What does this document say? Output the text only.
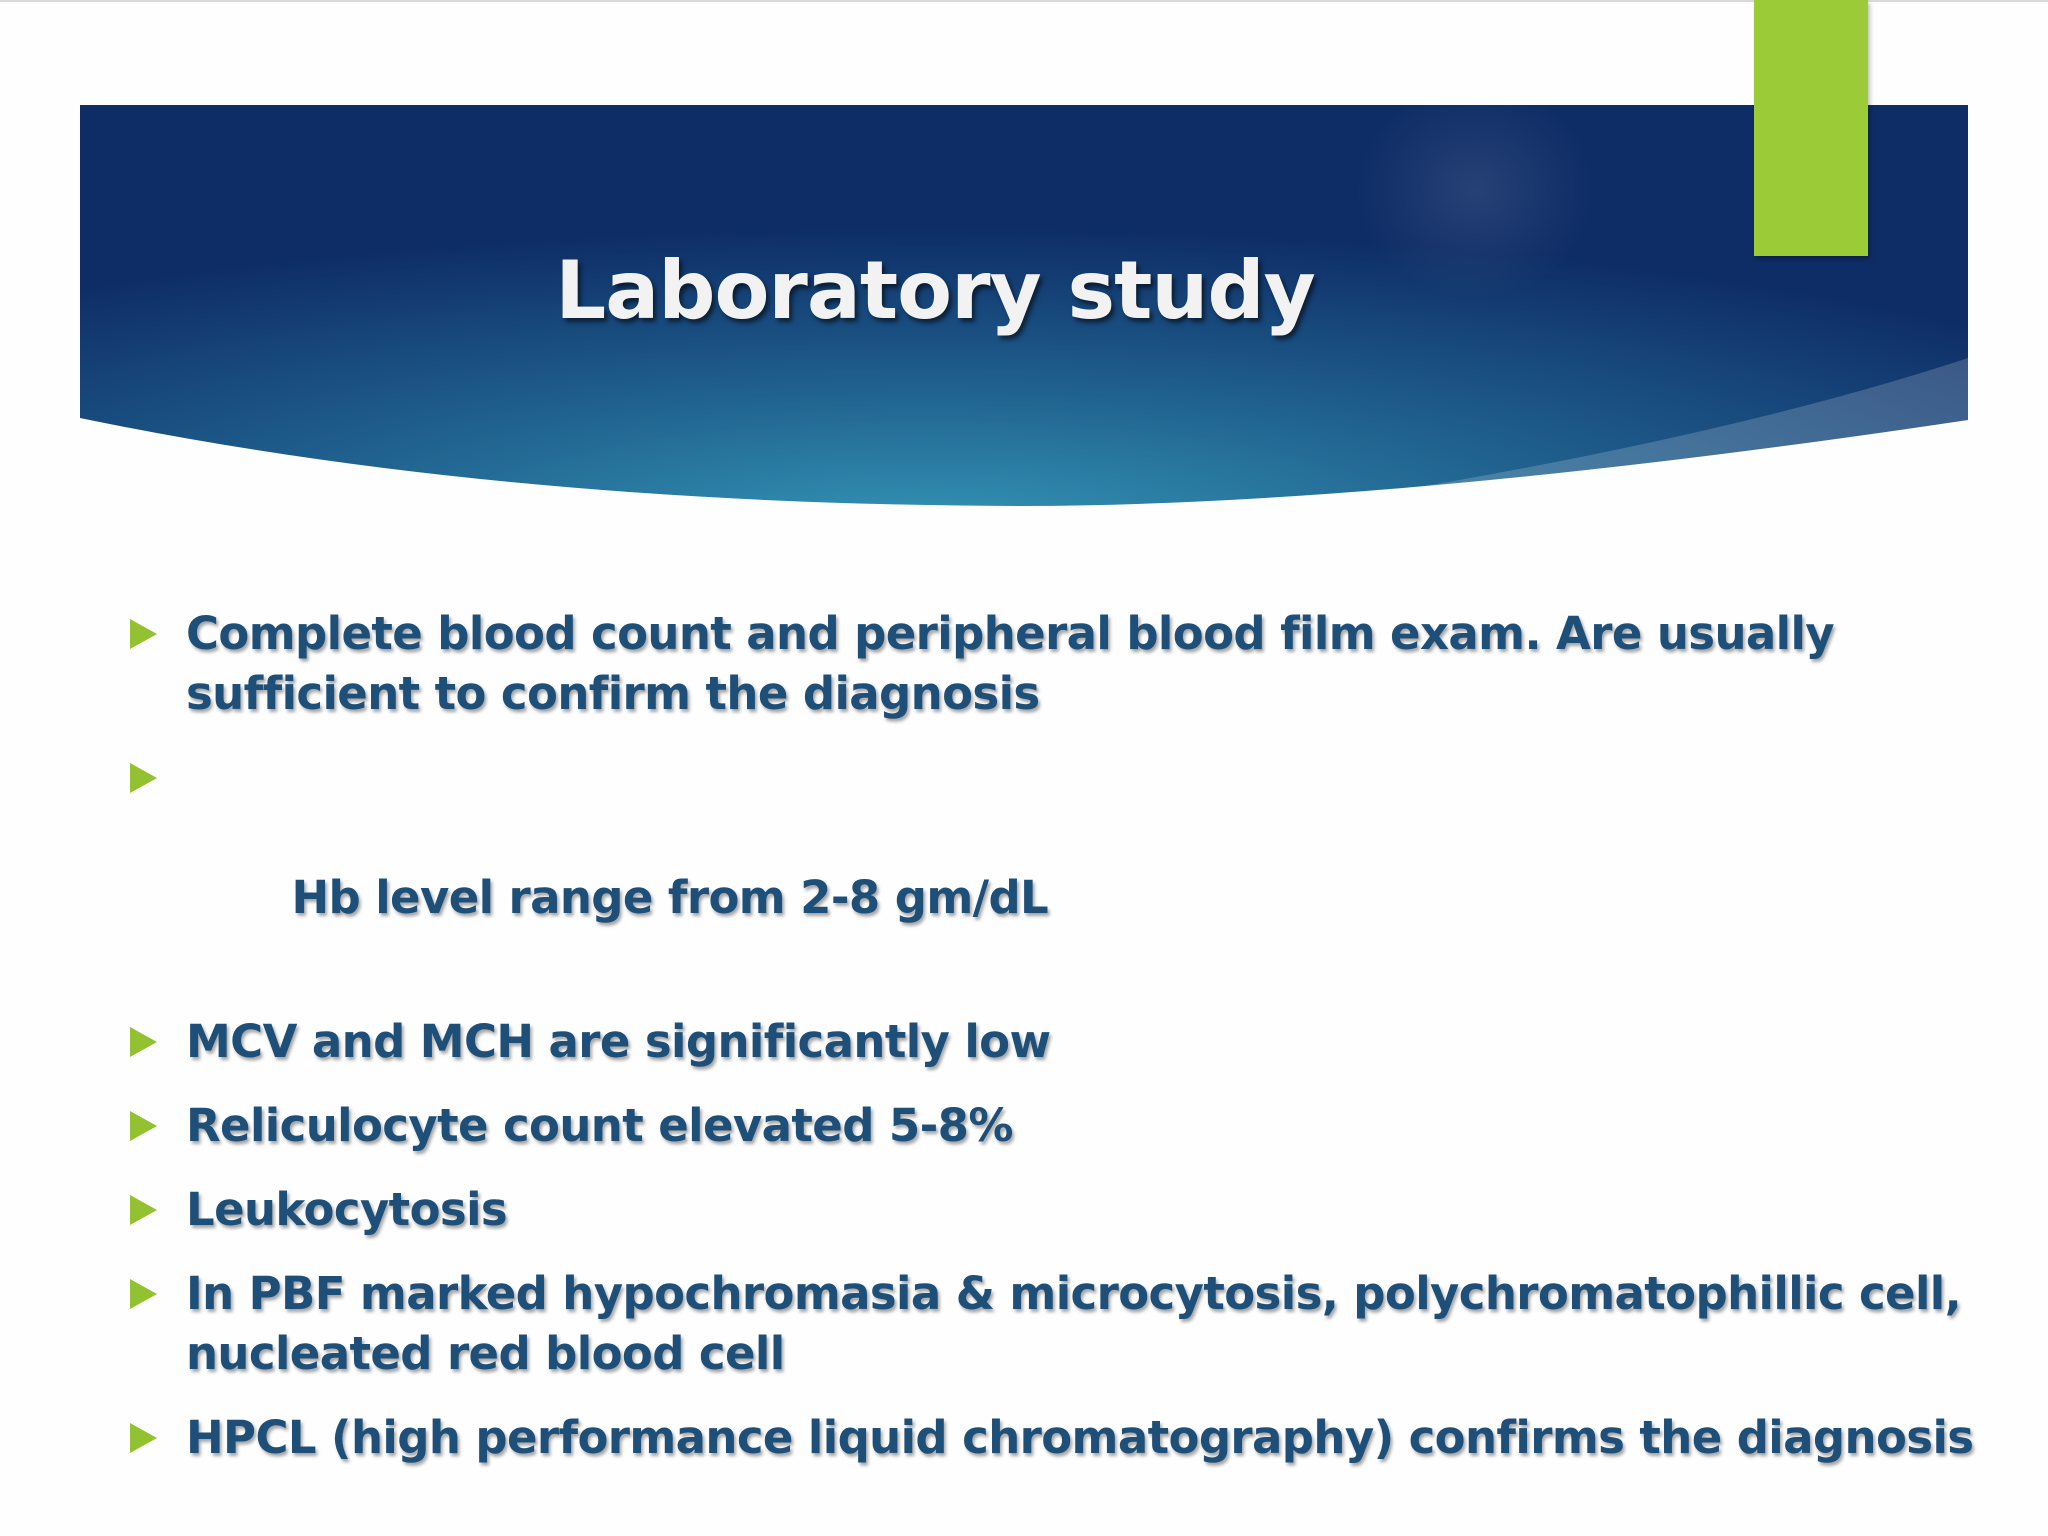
Laboratory study
Complete blood count and peripheral blood film exam. Are usually sufficient to confirm the diagnosis

Hb level range from 2-8 gm/dL

MCV and MCH are significantly low
Reliculocyte count elevated 5-8%
Leukocytosis
In PBF marked hypochromasia & microcytosis, polychromatophillic cell, nucleated red blood cell
HPCL (high performance liquid chromatography) confirms the diagnosis
